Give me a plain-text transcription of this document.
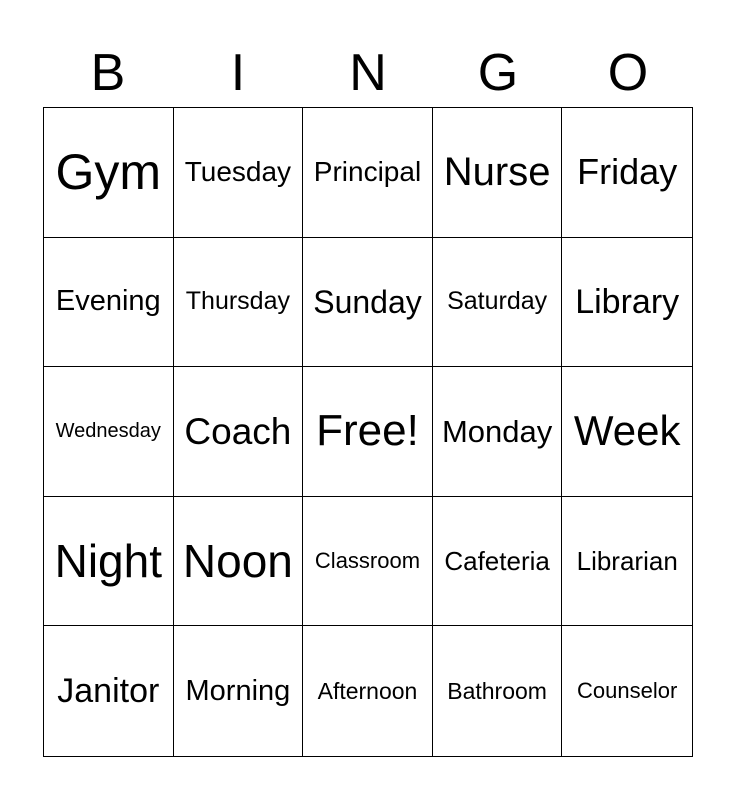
B	I	N	G	O
Gym Tuesday Principal Nurse Friday
Evening	Thursday Sunday	Saturday Library
Wednesday Coach Free! Monday Week
Night Noon	Classroom Cafeteria	Librarian
Janitor Morning	Afternoon	Bathroom	Counselor
